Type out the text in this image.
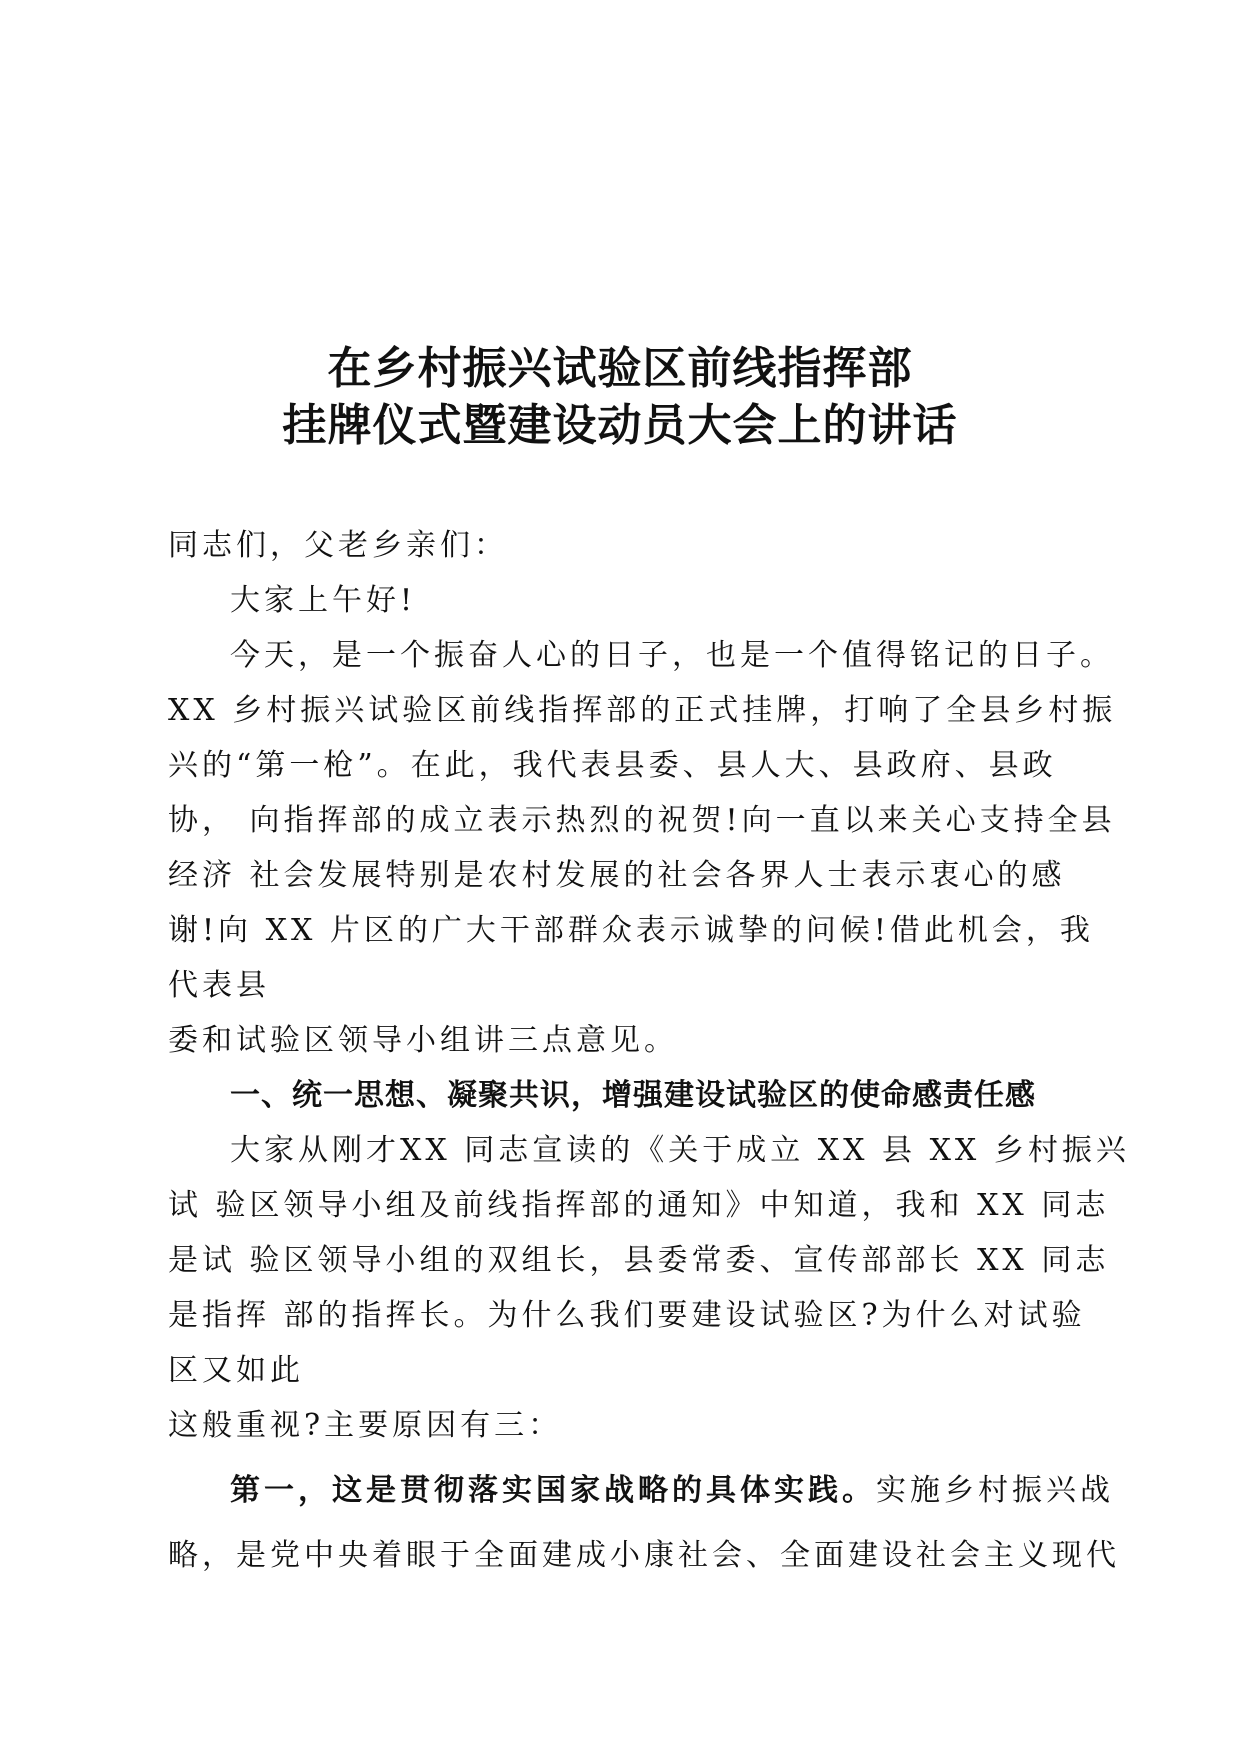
在乡村振兴试验区前线指挥部
挂牌仪式暨建设动员大会上的讲话

同志们，父老乡亲们：

大家上午好!

今天，是一个振奋人心的日子，也是一个值得铭记的日子。

XX 乡村振兴试验区前线指挥部的正式挂牌，打响了全县乡村振

兴的“第一枪”。在此，我代表县委、县人大、县政府、县政

协， 向指挥部的成立表示热烈的祝贺!向一直以来关心支持全县

经济 社会发展特别是农村发展的社会各界人士表示衷心的感

谢!向 XX 片区的广大干部群众表示诚挚的问候!借此机会，我

代表县

委和试验区领导小组讲三点意见。

一、统一思想、凝聚共识，增强建设试验区的使命感责任感

大家从刚才XX 同志宣读的《关于成立 XX 县 XX 乡村振兴

试 验区领导小组及前线指挥部的通知》中知道，我和 XX 同志

是试 验区领导小组的双组长，县委常委、宣传部部长 XX 同志

是指挥 部的指挥长。为什么我们要建设试验区?为什么对试验

区又如此

这般重视?主要原因有三：

第一，这是贯彻落实国家战略的具体实践。实施乡村振兴战

略，是党中央着眼于全面建成小康社会、全面建设社会主义现代
